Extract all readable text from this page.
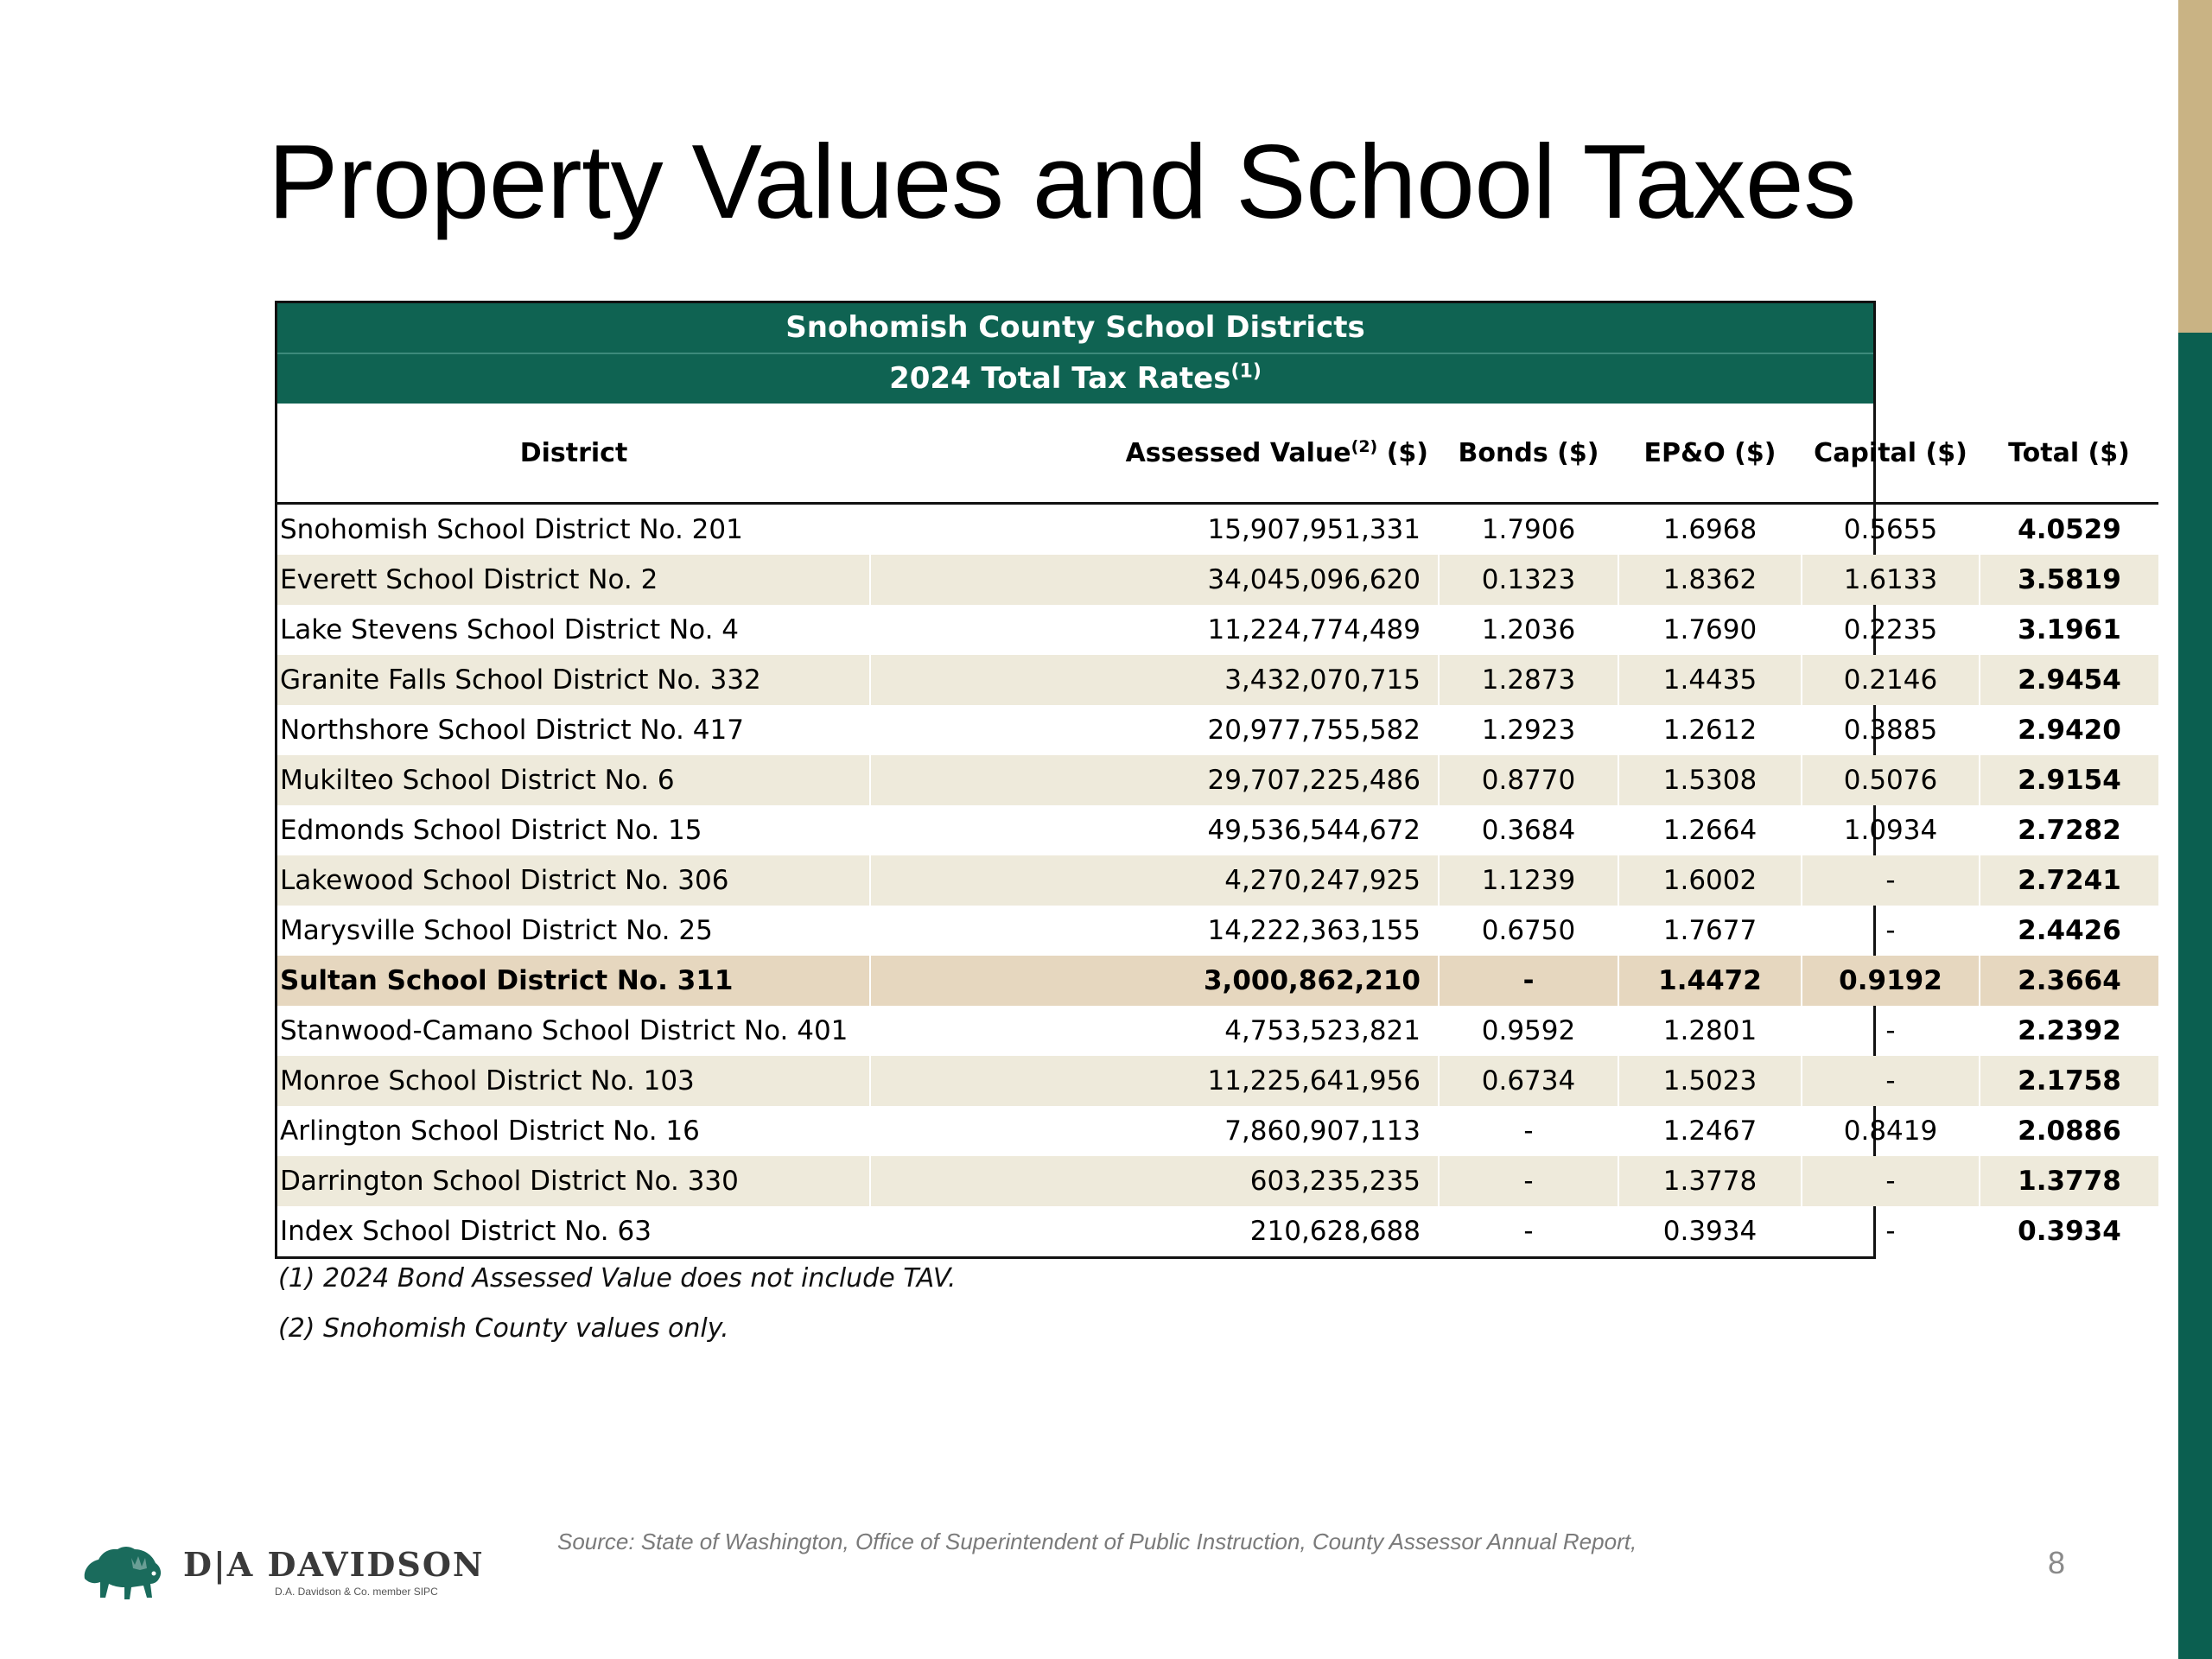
Property Values and School Taxes
Snohomish County School Districts
2024 Total Tax Rates$^{(1)}$
District	Assessed Value$^{(2)}$ ($)	Bonds ($)	EP&O ($)	Capital ($)	Total ($)
Snohomish School District No. 201	15,907,951,331	1.7906	1.6968	0.5655	4.0529
Everett School District No. 2	34,045,096,620	0.1323	1.8362	1.6133	3.5819
Lake Stevens School District No. 4	11,224,774,489	1.2036	1.7690	0.2235	3.1961
Granite Falls School District No. 332	3,432,070,715	1.2873	1.4435	0.2146	2.9454
Northshore School District No. 417	20,977,755,582	1.2923	1.2612	0.3885	2.9420
Mukilteo School District No. 6	29,707,225,486	0.8770	1.5308	0.5076	2.9154
Edmonds School District No. 15	49,536,544,672	0.3684	1.2664	1.0934	2.7282
Lakewood School District No. 306	4,270,247,925	1.1239	1.6002	-	2.7241
Marysville School District No. 25	14,222,363,155	0.6750	1.7677	-	2.4426
Sultan School District No. 311	3,000,862,210	-	1.4472	0.9192	2.3664
Stanwood-Camano School District No. 401	4,753,523,821	0.9592	1.2801	-	2.2392
Monroe School District No. 103	11,225,641,956	0.6734	1.5023	-	2.1758
Arlington School District No. 16	7,860,907,113	-	1.2467	0.8419	2.0886
Darrington School District No. 330	603,235,235	-	1.3778	-	1.3778
Index School District No. 63	210,628,688	-	0.3934	-	0.3934
(1) 2024 Bond Assessed Value does not include TAV.
(2) Snohomish County values only.
D|A DAVIDSON
D.A. Davidson & Co. member SIPC
Source: State of Washington, Office of Superintendent of Public Instruction, County Assessor Annual Report,
8
